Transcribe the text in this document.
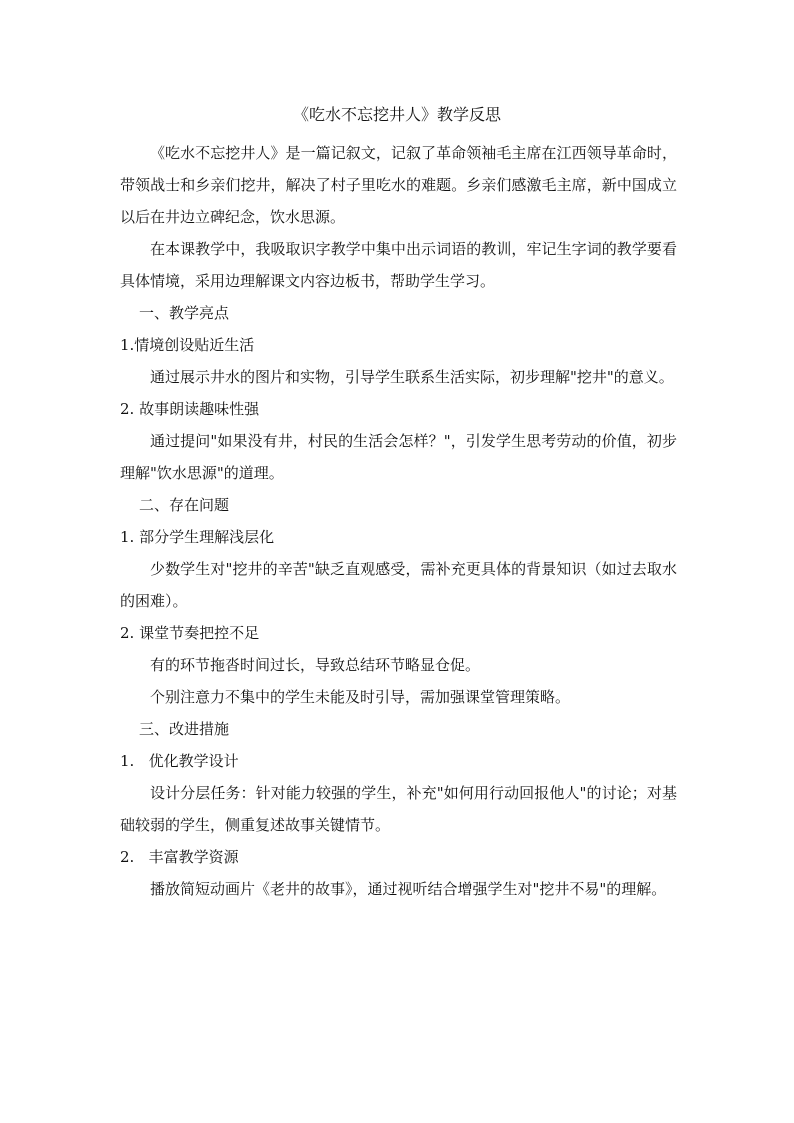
《吃水不忘挖井人》教学反思

《吃水不忘挖井人》是一篇记叙文，记叙了革命领袖毛主席在江西领导革命时，带领战士和乡亲们挖井，解决了村子里吃水的难题。乡亲们感激毛主席，新中国成立以后在井边立碑纪念，饮水思源。

在本课教学中，我吸取识字教学中集中出示词语的教训，牢记生字词的教学要看具体情境，采用边理解课文内容边板书，帮助学生学习。

一、教学亮点

1.情境创设贴近生活

通过展示井水的图片和实物，引导学生联系生活实际，初步理解"挖井"的意义。

2. 故事朗读趣味性强

通过提问"如果没有井，村民的生活会怎样？"，引发学生思考劳动的价值，初步理解"饮水思源"的道理。

二、存在问题

1. 部分学生理解浅层化

少数学生对"挖井的辛苦"缺乏直观感受，需补充更具体的背景知识（如过去取水的困难）。

2. 课堂节奏把控不足

有的环节拖沓时间过长，导致总结环节略显仓促。

个别注意力不集中的学生未能及时引导，需加强课堂管理策略。

三、改进措施

1.   优化教学设计

设计分层任务：针对能力较强的学生，补充"如何用行动回报他人"的讨论；对基础较弱的学生，侧重复述故事关键情节。

2.   丰富教学资源

播放简短动画片《老井的故事》，通过视听结合增强学生对"挖井不易"的理解。
